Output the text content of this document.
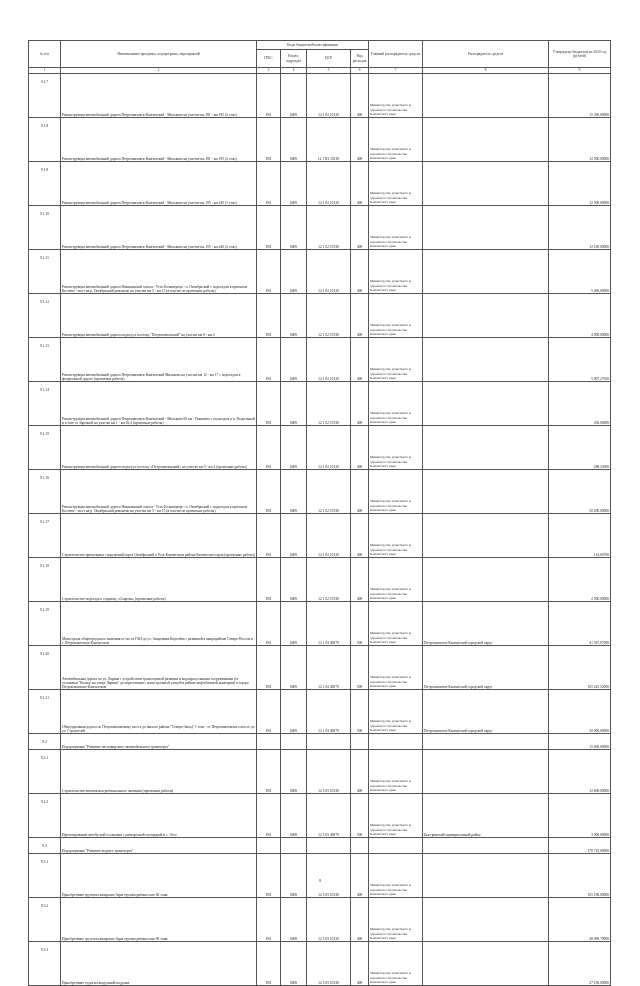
№ п/п	Наименование программ, подпрограмм, мероприятий	Коды бюджетной классификации				Главный распорядитель средств	Распорядитель средств	Утверждено бюджетом на 2020 год (рублей)
		ГРБС	Раздел, подраздел	ЦСР	Вид расходов			
1	2	3	4	5	6	7	8	9
9.1.7	Реконструкция автомобильной дороги Петропавловск-Камчатский - Мильково на участке км 181 - км 195 (2 этап)	833	0409	12 1 02 10130	400	Министерство транспорта и дорожного строительства Камчатского края		15 300,00000
9.1.8	Реконструкция автомобильной дороги Петропавловск-Камчатский - Мильково на участке км 181 - км 195 (2 этап)	833	0409	12 1 R2 10130	400	Министерство транспорта и дорожного строительства Камчатского края		12 500,00000
9.1.9	Реконструкция автомобильной дороги Петропавловск-Камчатский - Мильково на участке км 195 - км 240 (1 этап)	833	0409	12 1 02 10130	400	Министерство транспорта и дорожного строительства Камчатского края		12 500,00000
9.1.10	Реконструкция автомобильной дороги Петропавловск-Камчатский - Мильково на участке км 195 - км 240 (2 этап)	833	0409	12 1 02 10130	400	Министерство транспорта и дорожного строительства Камчатского края		12 100,00000
9.1.11	Реконструкция автомобильной дороги Начикинский совхоз - Усть-Большерецк - п. Октябрьский с подъездом к причалам Косоево - мост на р. Октябрьский ремонтно на участке км 5 - км 15 (в том числе проектные работы)	833	0409	12 1 02 10130	400	Министерство транспорта и дорожного строительства Камчатского края		5 400,00000
9.1.12	Реконструкция автомобильной дороги подъезд к поселку "Петропавловский" на участке км 0 - км 4	833	0409	12 1 02 10130	400	Министерство транспорта и дорожного строительства Камчатского края		4 000,00000
9.1.13	Реконструкция автомобильной дороги Петропавловск-Камчатский Мильково на участке км 12 - км 17 с подъездом к федеральной дороге (проектные работы)	833	0409	12 1 02 10130	400	Министерство транспорта и дорожного строительства Камчатского края		5 007,27650
9.1.14	Реконструкция автомобильной дороги Петропавловск-Камчатский - Мильково 60 км - Пиначево с подъездом к п. Раздольный и к базе от Заречной на участке км 1 - км 16,4 (проектные работы)	833	0409	12 1 02 10130	400	Министерство транспорта и дорожного строительства Камчатского края		436,00489
9.1.15	Реконструкция автомобильной дороги подъезд к поселку «Петропавловский» на участке км 0 - км 4 (проектные работы)	833	0409	12 1 02 10130	400	Министерство транспорта и дорожного строительства Камчатского края		288,23000
9.1.16	Реконструкция автомобильной дороги Начикинский совхоз - Усть-Большерецк - п. Октябрьский с подъездом к причалам Косоево - мост на р. Октябрьский ремонтно на участке км 5 - км 15 (в том числе проектные работы)	833	0409	12 1 02 10130	400	Министерство транспорта и дорожного строительства Камчатского края		50 200,00000
9.1.17	Строительство причальных сооружений порта Октябрьский в Усть-Камчатском районе Камчатского края (проектные работы)	833	0409	12 1 02 10130	400	Министерство транспорта и дорожного строительства Камчатского края		114,60700
9.1.18	Строительство подъезда к стадиону «Спартак» (проектные работы)	833	0409	12 1 02 10130	400	Министерство транспорта и дорожного строительства Камчатского края		2 500,00000
9.1.19	Магистраль общегородского значения от поста ГАИ до ул. Академика Королёва с развязкой в микрорайоне Северо-Восток в г. Петропавловске-Камчатском	833	0409	12 1 04 40070	500	Министерство транспорта и дорожного строительства Камчатского края	Петропавловск-Камчатский городской округ	41 367,07000
9.1.20	Автомобильная дорога по ул. Ларина с устройством транспортной развязки и водопропускными сооружениями (от остановки "Кольцо на улице Ларина" до пересечения с магистральной улицей в районе нефтебазовой акватории) в городе Петропавловске-Камчатском	833	0409	12 1 04 40070	500	Министерство транспорта и дорожного строительства Камчатского края	Петропавловск-Камчатский городской округ	105 425,52000
9.1.21	Общедорожная дорога по Петропавловскому шоссе до жилого района "Северо-Запад" 1 этап - от Петропавловского шоссе до ул. Строителей	833	0409	12 1 04 40070	500	Министерство транспорта и дорожного строительства Камчатского края	Петропавловск-Камчатский городской округ	30 000,00000
9.2	Подпрограмма "Развитие пассажирского автомобильного транспорта"							15 600,00000
9.2.1	Строительство автовокзала регионального значения (проектные работы)	833	0408	12 3 03 10130	400	Министерство транспорта и дорожного строительства Камчатского края		12 600,00000
9.2.2	Проектирование автобусной остановки с разворотной площадкой в с. Эссо	833	0408	12 3 03 40070	500	Министерство транспорта и дорожного строительства Камчатского края	Быстринский муниципальный район	3 000,00000
9.3	Подпрограмма "Развитие водного транспорта"							270 725,00000
9.3.1	Приобретение грузопассажирских барж грузоподъёмностью 60 тонн	833	0408	12 3 03 10130	400	Министерство транспорта и дорожного строительства Камчатского края		105 108,00000
9.3.2	Приобретение грузопассажирских барж грузоподъёмностью 90 тонн	833	0408	12 3 03 10130	400	Министерство транспорта и дорожного строительства Камчатского края		48 089,70000
9.3.3	Приобретение судов на воздушной подушке	833	0408	12 3 03 10130	400	Министерство транспорта и дорожного строительства Камчатского края		27 100,00000
8
